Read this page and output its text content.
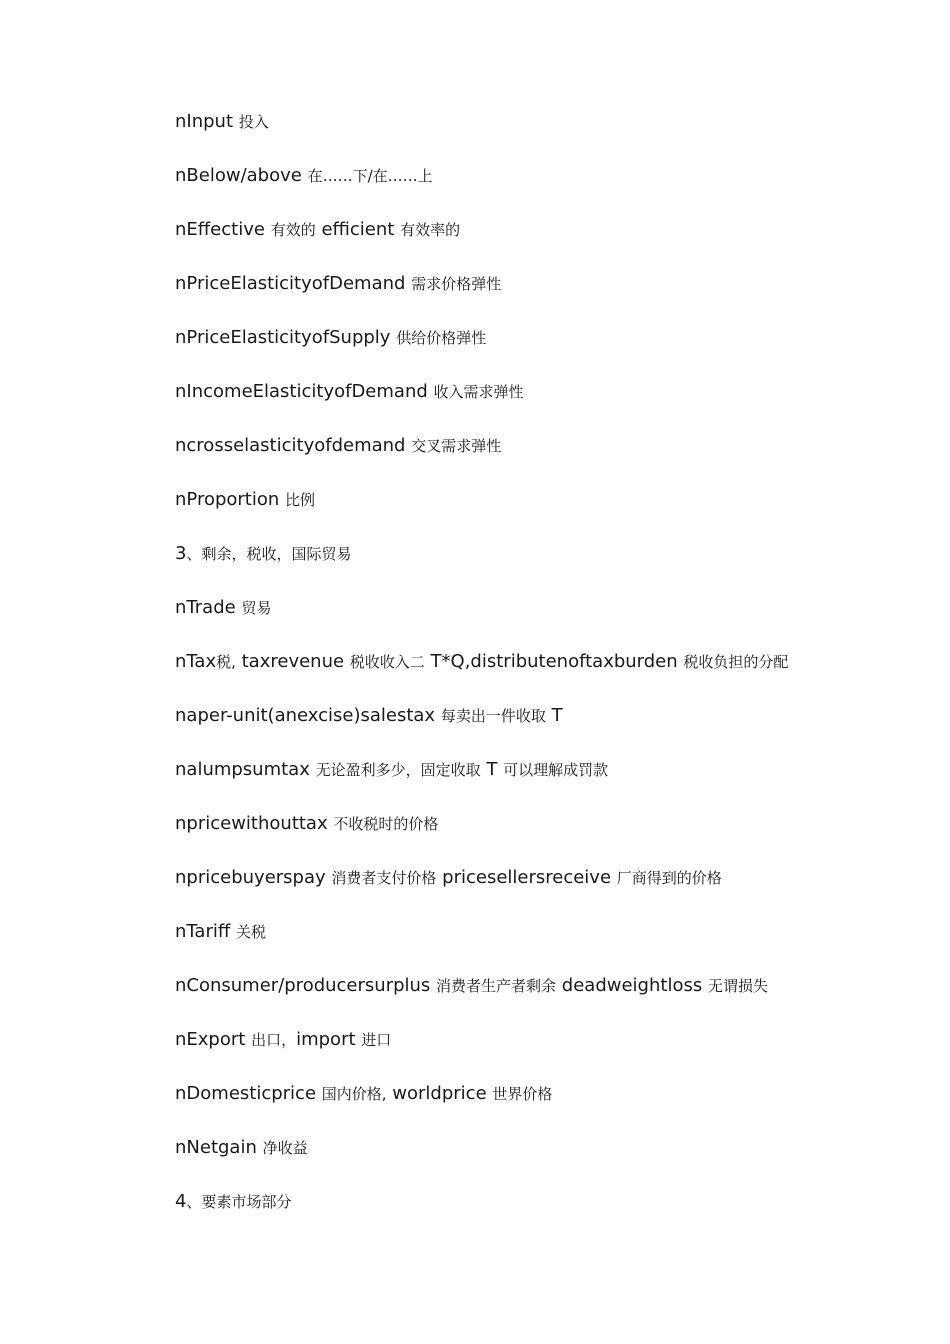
nInput 投入
nBelow/above 在……下/在……上
nEffective 有效的 efficient 有效率的
nPriceElasticityofDemand 需求价格弹性
nPriceElasticityofSupply 供给价格弹性
nIncomeElasticityofDemand 收入需求弹性
ncrosselasticityofdemand 交叉需求弹性
nProportion 比例
3、剩余，税收，国际贸易
nTrade 贸易
nTax税, taxrevenue 税收收入二 T*Q,distributenoftaxburden 税收负担的分配
naper-unit(anexcise)salestax 每卖出一件收取 T
nalumpsumtax 无论盈利多少，固定收取 T 可以理解成罚款
npricewithouttax 不收税时的价格
npricebuyerspay 消费者支付价格 pricesellersreceive 厂商得到的价格
nTariff 关税
nConsumer/producersurplus 消费者生产者剩余 deadweightloss 无谓损失
nExport 出口，import 进口
nDomesticprice 国内价格, worldprice 世界价格
nNetgain 净收益
4、要素市场部分
